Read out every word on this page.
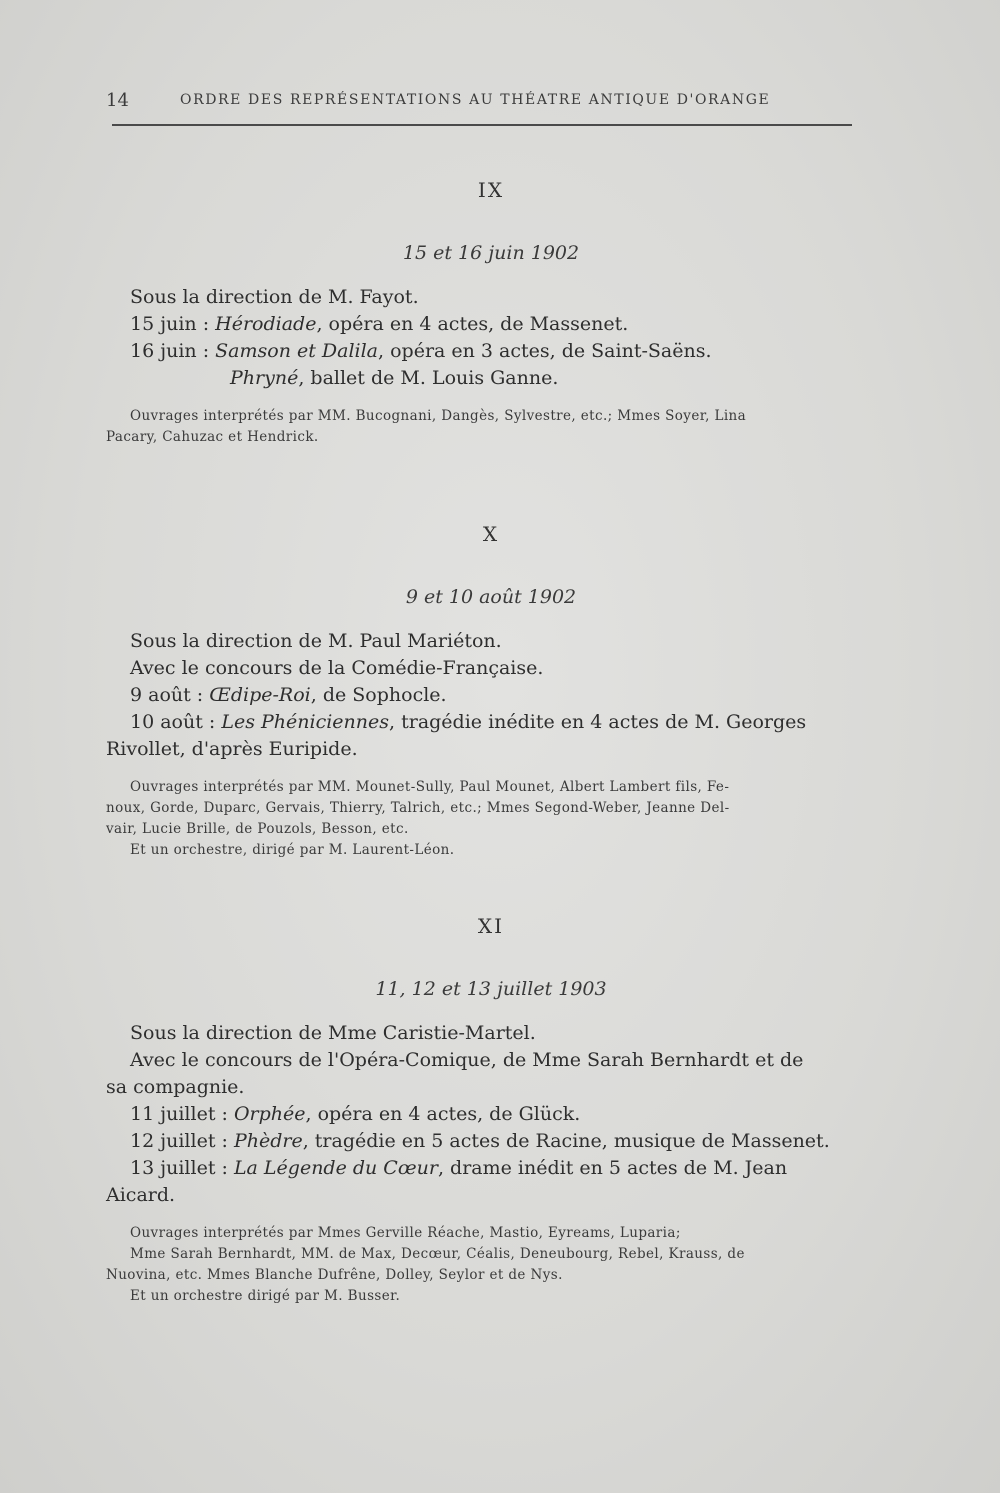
14	ORDRE DES REPRÉSENTATIONS AU THÉATRE ANTIQUE D'ORANGE
IX
15 et 16 juin 1902
Sous la direction de M. Fayot.
15 juin : Hérodiade, opéra en 4 actes, de Massenet.
16 juin : Samson et Dalila, opéra en 3 actes, de Saint-Saëns.
Phryné, ballet de M. Louis Ganne.
Ouvrages interprétés par MM. Bucognani, Dangès, Sylvestre, etc.; Mmes Soyer, Lina
Pacary, Cahuzac et Hendrick.
X
9 et 10 août 1902
Sous la direction de M. Paul Mariéton.
Avec le concours de la Comédie-Française.
9 août : Œdipe-Roi, de Sophocle.
10 août : Les Phéniciennes, tragédie inédite en 4 actes de M. Georges
Rivollet, d'après Euripide.
Ouvrages interprétés par MM. Mounet-Sully, Paul Mounet, Albert Lambert fils, Fe-
noux, Gorde, Duparc, Gervais, Thierry, Talrich, etc.; Mmes Segond-Weber, Jeanne Del-
vair, Lucie Brille, de Pouzols, Besson, etc.
Et un orchestre, dirigé par M. Laurent-Léon.
XI
11, 12 et 13 juillet 1903
Sous la direction de Mme Caristie-Martel.
Avec le concours de l'Opéra-Comique, de Mme Sarah Bernhardt et de
sa compagnie.
11 juillet : Orphée, opéra en 4 actes, de Glück.
12 juillet : Phèdre, tragédie en 5 actes de Racine, musique de Massenet.
13 juillet : La Légende du Cœur, drame inédit en 5 actes de M. Jean
Aicard.
Ouvrages interprétés par Mmes Gerville Réache, Mastio, Eyreams, Luparia;
Mme Sarah Bernhardt, MM. de Max, Decœur, Céalis, Deneubourg, Rebel, Krauss, de
Nuovina, etc. Mmes Blanche Dufrêne, Dolley, Seylor et de Nys.
Et un orchestre dirigé par M. Busser.
